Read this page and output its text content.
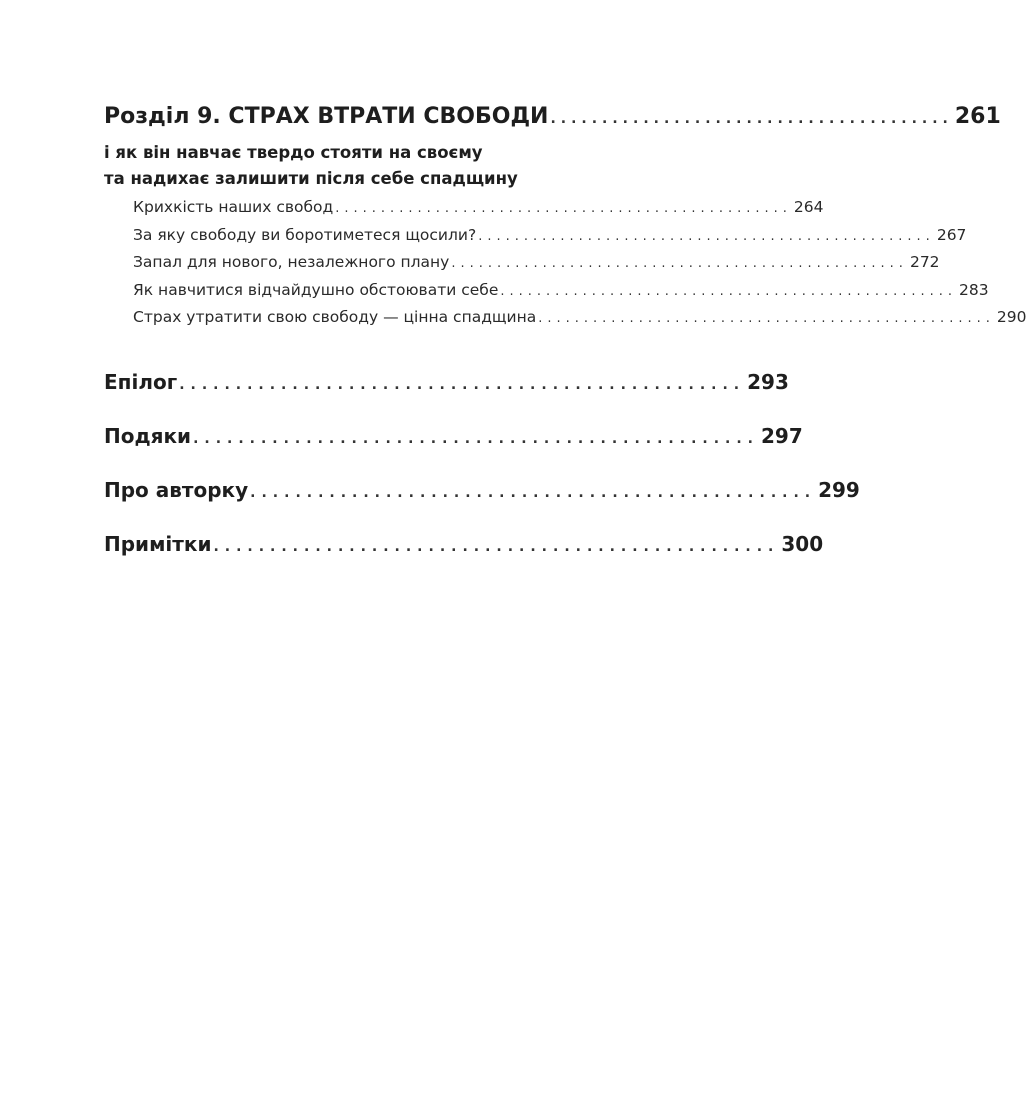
Розділ 9. СТРАХ ВТРАТИ СВОБОДИ ....................................... 261
і як він навчає твердо стояти на своєму
та надихає залишити після себе спадщину
Крихкість наших свобод .................................................. 264
За яку свободу ви боротиметеся щосили? .................................................. 267
Запал для нового, незалежного плану .................................................. 272
Як навчитися відчайдушно обстоювати себе .................................................. 283
Страх утратити свою свободу — цінна спадщина .................................................. 290
Епілог .................................................. 293
Подяки .................................................. 297
Про авторку .................................................. 299
Примітки .................................................. 300
